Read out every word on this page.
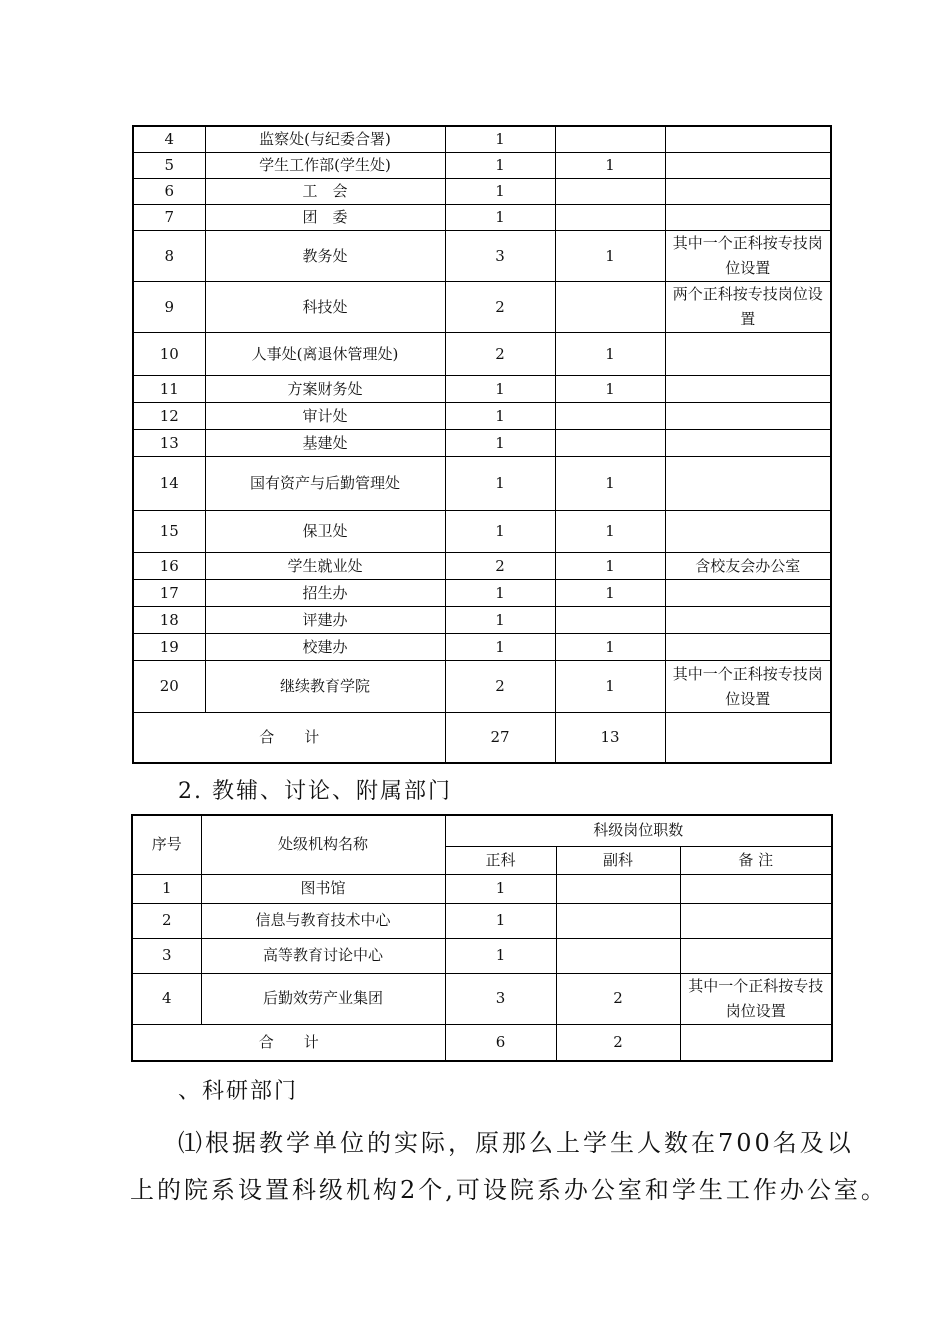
4	监察处(与纪委合署)	1		
5	学生工作部(学生处)	1	1	
6	工　会	1		
7	团　委	1		
8	教务处	3	1	其中一个正科按专技岗位设置
9	科技处	2		两个正科按专技岗位设置
10	人事处(离退休管理处)	2	1	
11	方案财务处	1	1	
12	审计处	1		
13	基建处	1		
14	国有资产与后勤管理处	1	1	
15	保卫处	1	1	
16	学生就业处	2	1	含校友会办公室
17	招生办	1	1	
18	评建办	1		
19	校建办	1	1	
20	继续教育学院	2	1	其中一个正科按专技岗位设置
合　　计		27	13	
2. 教辅、讨论、附属部门
序号	处级机构名称	科级岗位职数		
		正科	副科	备 注
1	图书馆	1		
2	信息与教育技术中心	1		
3	高等教育讨论中心	1		
4	后勤效劳产业集团	3	2	其中一个正科按专技岗位设置
合　　计		6	2	
、科研部门
⑴根据教学单位的实际，原那么上学生人数在700名及以
上的院系设置科级机构2个,可设院系办公室和学生工作办公室。
